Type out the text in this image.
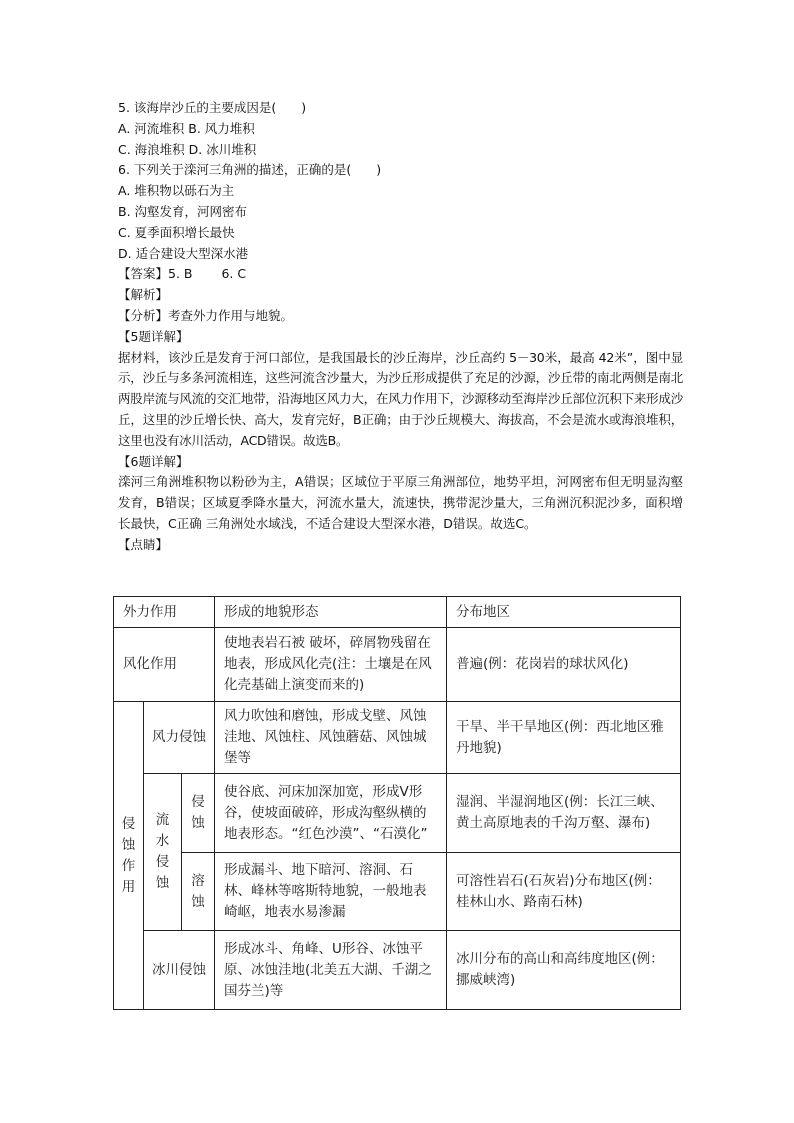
5. 该海岸沙丘的主要成因是(　　)
A. 河流堆积 B. 风力堆积
C. 海浪堆积 D. 冰川堆积
6. 下列关于滦河三角洲的描述，正确的是(　　)
A. 堆积物以砾石为主
B. 沟壑发育，河网密布
C. 夏季面积增长最快
D. 适合建设大型深水港
【答案】5. B　　 6. C
【解析】
【分析】考查外力作用与地貌。
【5题详解】
据材料，该沙丘是发育于河口部位，是我国最长的沙丘海岸，沙丘高约 5－30米，最高 42米”，图中显示，沙丘与多条河流相连，这些河流含沙量大，为沙丘形成提供了充足的沙源，沙丘带的南北两侧是南北两股岸流与风流的交汇地带，沿海地区风力大，在风力作用下，沙源移动至海岸沙丘部位沉积下来形成沙丘，这里的沙丘增长快、高大，发育完好，B正确；由于沙丘规模大、海拔高，不会是流水或海浪堆积，这里也没有冰川活动，ACD错误。故选B。
【6题详解】
滦河三角洲堆积物以粉砂为主，A错误；区域位于平原三角洲部位，地势平坦，河网密布但无明显沟壑发育，B错误；区域夏季降水量大，河流水量大，流速快，携带泥沙量大，三角洲沉积泥沙多，面积增长最快，C正确 三角洲处水域浅，不适合建设大型深水港，D错误。故选C。
【点睛】
外力作用			形成的地貌形态	分布地区
风化作用			使地表岩石被 破坏，碎屑物残留在地表，形成风化壳(注：土壤是在风化壳基础上演变而来的)	普遍(例：花岗岩的球状风化)
侵蚀作用	风力侵蚀		风力吹蚀和磨蚀，形成戈壁、风蚀洼地、风蚀柱、风蚀蘑菇、风蚀城堡等	干旱、半干旱地区(例：西北地区雅丹地貌)
	流水侵蚀	侵蚀	使谷底、河床加深加宽，形成V形谷，使坡面破碎，形成沟壑纵横的地表形态。“红色沙漠”、“石漠化”	湿润、半湿润地区(例：长江三峡、黄土高原地表的千沟万壑、瀑布)
		溶蚀	形成漏斗、地下暗河、溶洞、石林、峰林等喀斯特地貌，一般地表崎岖，地表水易渗漏	可溶性岩石(石灰岩)分布地区(例：桂林山水、路南石林)
	冰川侵蚀		形成冰斗、角峰、U形谷、冰蚀平原、冰蚀洼地(北美五大湖、千湖之国芬兰)等	冰川分布的高山和高纬度地区(例：挪威峡湾)
